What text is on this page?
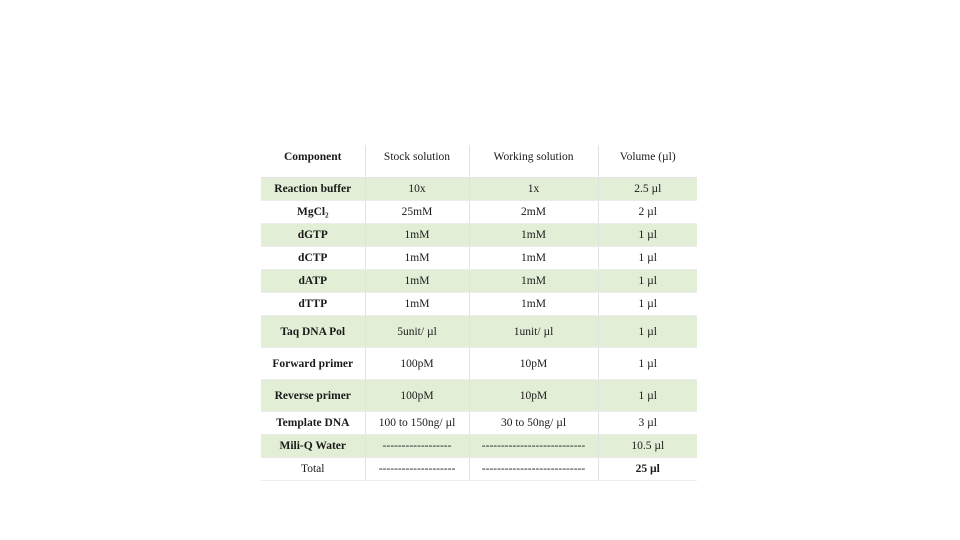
Component	Stock solution	Working solution	Volume (µl)
Reaction buffer	10x	1x	2.5 µl
MgCl₂	25mM	2mM	2 µl
dGTP	1mM	1mM	1 µl
dCTP	1mM	1mM	1 µl
dATP	1mM	1mM	1 µl
dTTP	1mM	1mM	1 µl
Taq DNA Pol	5unit/ µl	1unit/ µl	1 µl
Forward primer	100pM	10pM	1 µl
Reverse primer	100pM	10pM	1 µl
Template DNA	100 to 150ng/ µl	30 to 50ng/ µl	3 µl
Mili-Q Water	------------------	---------------------------	10.5 µl
Total	--------------------	---------------------------	25 µl
